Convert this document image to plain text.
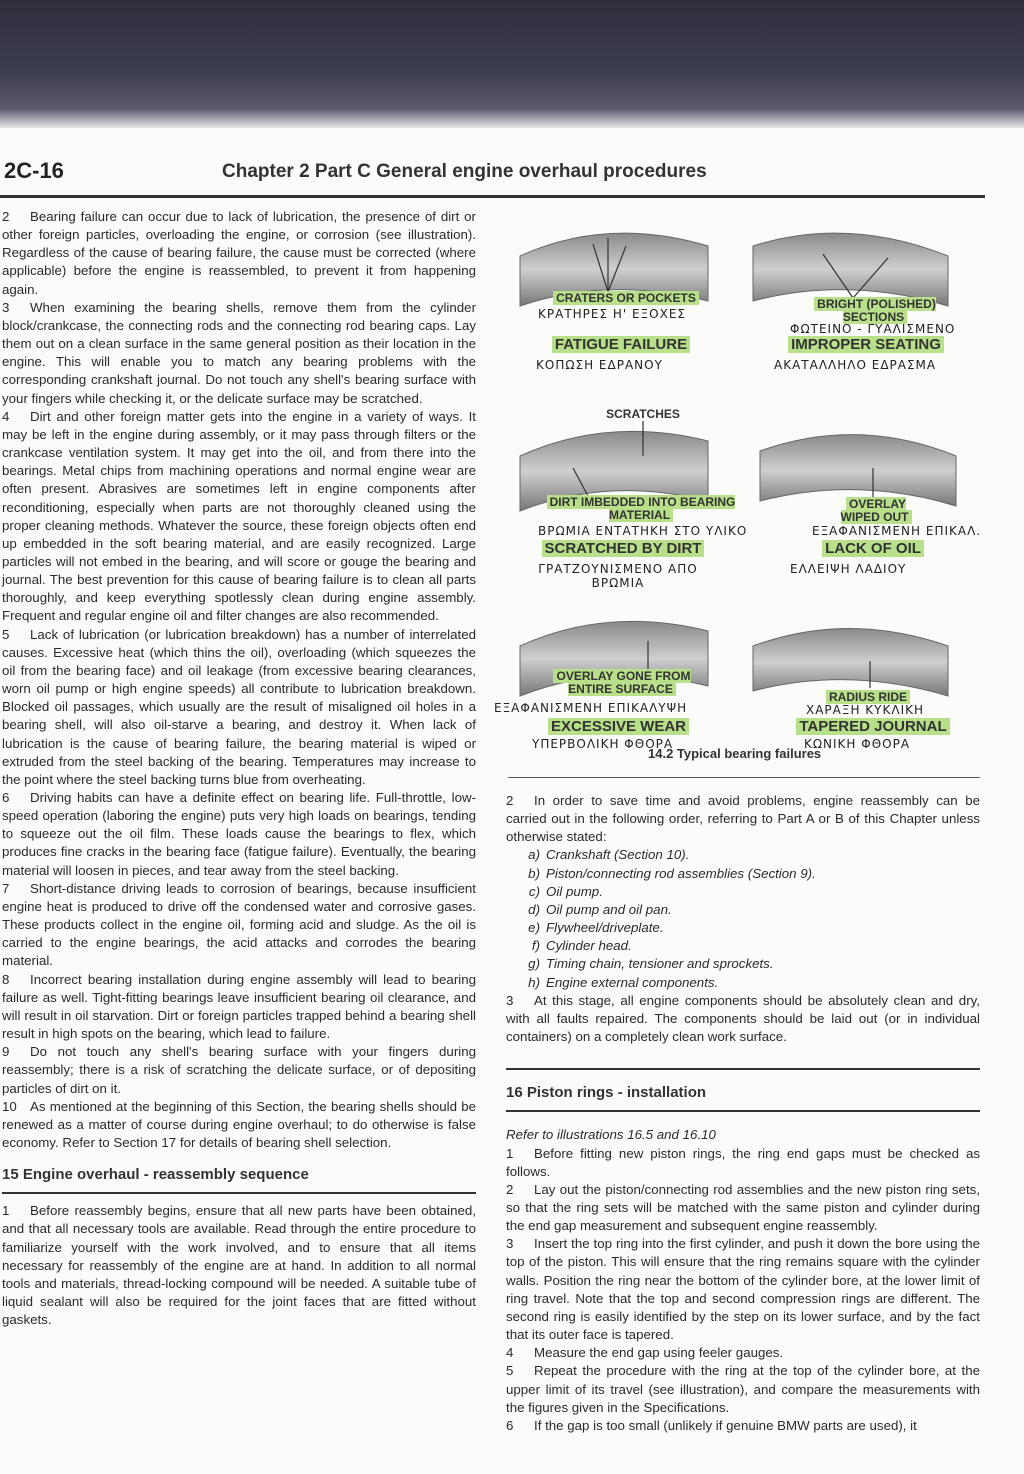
2C-16	Chapter 2 Part C General engine overhaul procedures

2 Bearing failure can occur due to lack of lubrication, the presence of dirt or other foreign particles, overloading the engine, or corrosion (see illustration). Regardless of the cause of bearing failure, the cause must be corrected (where applicable) before the engine is reassembled, to prevent it from happening again.

3 When examining the bearing shells, remove them from the cylinder block/crankcase, the connecting rods and the connecting rod bearing caps. Lay them out on a clean surface in the same general position as their location in the engine. This will enable you to match any bearing problems with the corresponding crankshaft journal. Do not touch any shell's bearing surface with your fingers while checking it, or the delicate surface may be scratched.

4 Dirt and other foreign matter gets into the engine in a variety of ways. It may be left in the engine during assembly, or it may pass through filters or the crankcase ventilation system. It may get into the oil, and from there into the bearings. Metal chips from machining operations and normal engine wear are often present. Abrasives are sometimes left in engine components after reconditioning, especially when parts are not thoroughly cleaned using the proper cleaning methods. Whatever the source, these foreign objects often end up embedded in the soft bearing material, and are easily recognized. Large particles will not embed in the bearing, and will score or gouge the bearing and journal. The best prevention for this cause of bearing failure is to clean all parts thoroughly, and keep everything spotlessly clean during engine assembly. Frequent and regular engine oil and filter changes are also recommended.

5 Lack of lubrication (or lubrication breakdown) has a number of interrelated causes. Excessive heat (which thins the oil), overloading (which squeezes the oil from the bearing face) and oil leakage (from excessive bearing clearances, worn oil pump or high engine speeds) all contribute to lubrication breakdown. Blocked oil passages, which usually are the result of misaligned oil holes in a bearing shell, will also oil-starve a bearing, and destroy it. When lack of lubrication is the cause of bearing failure, the bearing material is wiped or extruded from the steel backing of the bearing. Temperatures may increase to the point where the steel backing turns blue from overheating.

6 Driving habits can have a definite effect on bearing life. Full-throttle, low-speed operation (laboring the engine) puts very high loads on bearings, tending to squeeze out the oil film. These loads cause the bearings to flex, which produces fine cracks in the bearing face (fatigue failure). Eventually, the bearing material will loosen in pieces, and tear away from the steel backing.

7 Short-distance driving leads to corrosion of bearings, because insufficient engine heat is produced to drive off the condensed water and corrosive gases. These products collect in the engine oil, forming acid and sludge. As the oil is carried to the engine bearings, the acid attacks and corrodes the bearing material.

8 Incorrect bearing installation during engine assembly will lead to bearing failure as well. Tight-fitting bearings leave insufficient bearing oil clearance, and will result in oil starvation. Dirt or foreign particles trapped behind a bearing shell result in high spots on the bearing, which lead to failure.

9 Do not touch any shell's bearing surface with your fingers during reassembly; there is a risk of scratching the delicate surface, or of depositing particles of dirt on it.

10 As mentioned at the beginning of this Section, the bearing shells should be renewed as a matter of course during engine overhaul; to do otherwise is false economy. Refer to Section 17 for details of bearing shell selection.

15 Engine overhaul - reassembly sequence

1 Before reassembly begins, ensure that all new parts have been obtained, and that all necessary tools are available. Read through the entire procedure to familiarize yourself with the work involved, and to ensure that all items necessary for reassembly of the engine are at hand. In addition to all normal tools and materials, thread-locking compound will be needed. A suitable tube of liquid sealant will also be required for the joint faces that are fitted without gaskets.

CRATERS OR POCKETS
ΚΡΑΤΗΡΕΣ Η' ΕΞΟΧΕΣ
FATIGUE FAILURE
ΚΟΠΩΣΗ ΕΔΡΑΝΟΥ
BRIGHT (POLISHED) SECTIONS
ΦΩΤΕΙΝΟ - ΓΥΑΛΙΣΜΕΝΟ
IMPROPER SEATING
ΑΚΑΤΑΛΛΗΛΟ ΕΔΡΑΣΜΑ
SCRATCHES
DIRT IMBEDDED INTO BEARING MATERIAL
ΒΡΩΜΙΑ ΕΝΤΑΤΗΚΗ ΣΤΟ ΥΛΙΚΟ
SCRATCHED BY DIRT
ΓΡΑΤΖΟΥΝΙΣΜΕΝΟ ΑΠΟ ΒΡΩΜΙΑ
OVERLAY WIPED OUT
ΕΞΑΦΑΝΙΣΜΕΝΗ ΕΠΙΚΑΛ.
LACK OF OIL
ΕΛΛΕΙΨΗ ΛΑΔΙΟΥ
OVERLAY GONE FROM ENTIRE SURFACE
ΕΞΑΦΑΝΙΣΜΕΝΗ ΕΠΙΚΑΛΥΨΗ
EXCESSIVE WEAR
ΥΠΕΡΒΟΛΙΚΗ ΦΘΟΡΑ
RADIUS RIDE
ΧΑΡΑΞΗ ΚΥΚΛΙΚΗ
TAPERED JOURNAL
ΚΩΝΙΚΗ ΦΘΟΡΑ
14.2 Typical bearing failures

2 In order to save time and avoid problems, engine reassembly can be carried out in the following order, referring to Part A or B of this Chapter unless otherwise stated:

a) Crankshaft (Section 10).
b) Piston/connecting rod assemblies (Section 9).
c) Oil pump.
d) Oil pump and oil pan.
e) Flywheel/driveplate.
f) Cylinder head.
g) Timing chain, tensioner and sprockets.
h) Engine external components.

3 At this stage, all engine components should be absolutely clean and dry, with all faults repaired. The components should be laid out (or in individual containers) on a completely clean work surface.

16 Piston rings - installation

Refer to illustrations 16.5 and 16.10

1 Before fitting new piston rings, the ring end gaps must be checked as follows.

2 Lay out the piston/connecting rod assemblies and the new piston ring sets, so that the ring sets will be matched with the same piston and cylinder during the end gap measurement and subsequent engine reassembly.

3 Insert the top ring into the first cylinder, and push it down the bore using the top of the piston. This will ensure that the ring remains square with the cylinder walls. Position the ring near the bottom of the cylinder bore, at the lower limit of ring travel. Note that the top and second compression rings are different. The second ring is easily identified by the step on its lower surface, and by the fact that its outer face is tapered.

4 Measure the end gap using feeler gauges.

5 Repeat the procedure with the ring at the top of the cylinder bore, at the upper limit of its travel (see illustration), and compare the measurements with the figures given in the Specifications.

6 If the gap is too small (unlikely if genuine BMW parts are used), it
